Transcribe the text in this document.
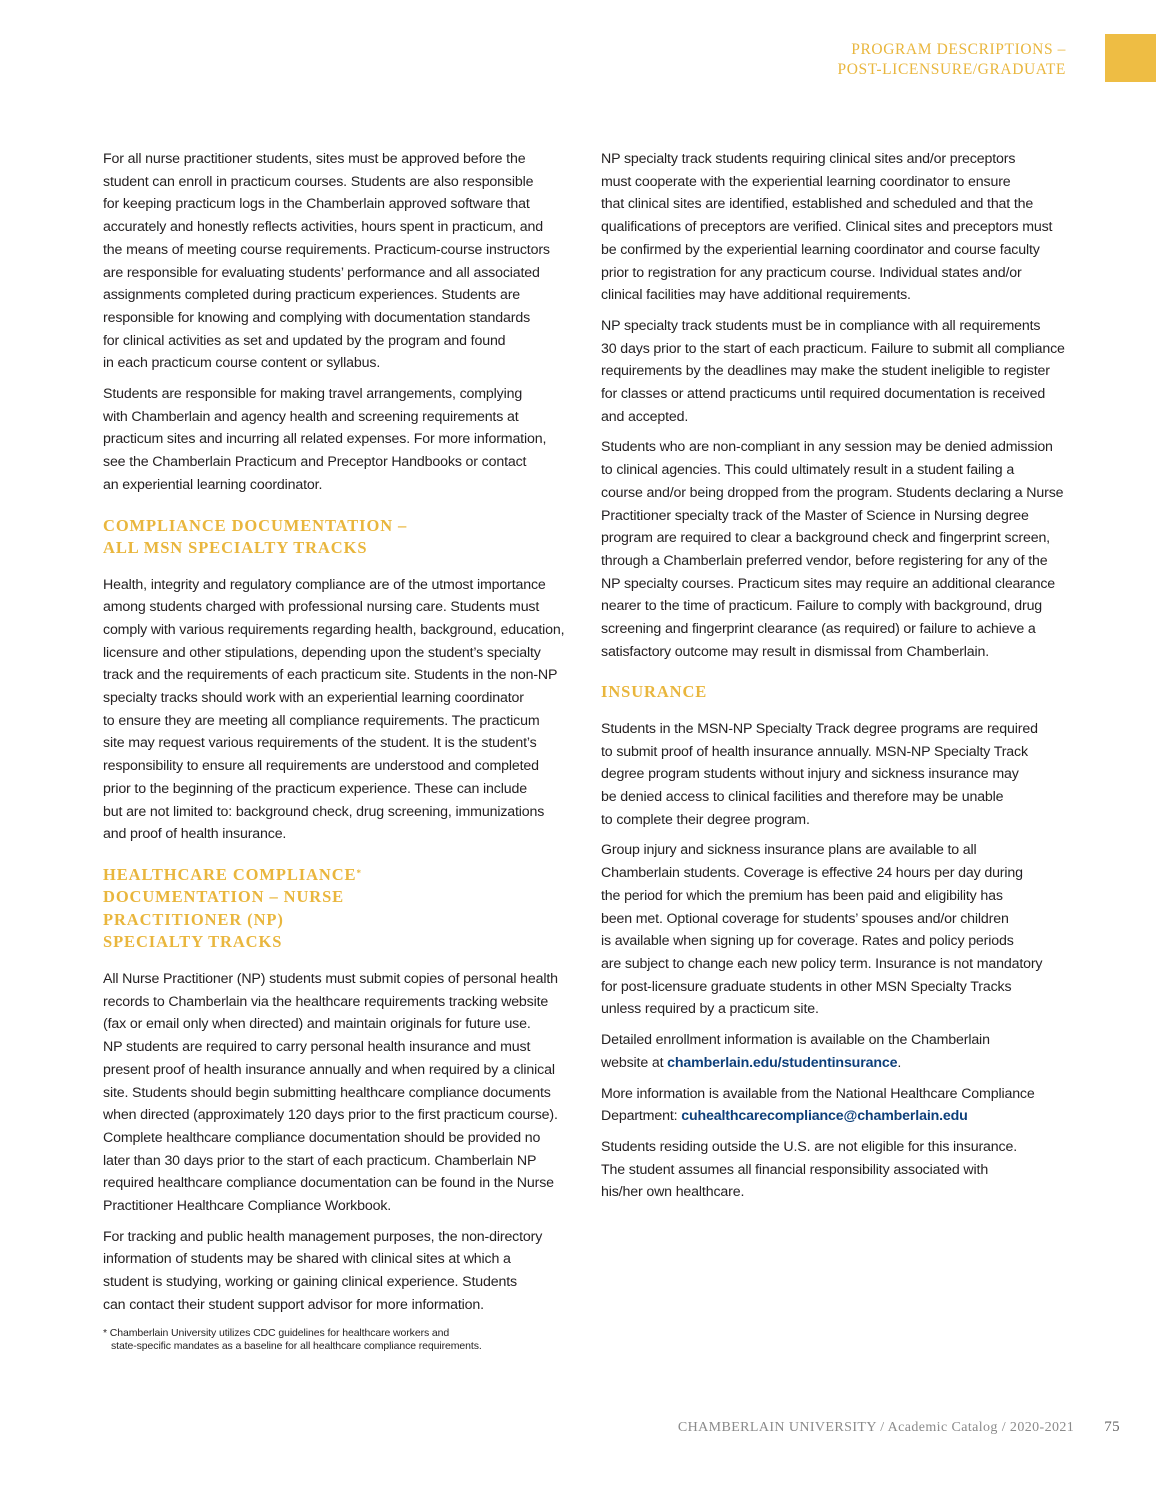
PROGRAM DESCRIPTIONS –
POST-LICENSURE/GRADUATE

For all nurse practitioner students, sites must be approved before the
student can enroll in practicum courses. Students are also responsible
for keeping practicum logs in the Chamberlain approved software that
accurately and honestly reflects activities, hours spent in practicum, and
the means of meeting course requirements. Practicum-course instructors
are responsible for evaluating students’ performance and all associated
assignments completed during practicum experiences. Students are
responsible for knowing and complying with documentation standards
for clinical activities as set and updated by the program and found
in each practicum course content or syllabus.

Students are responsible for making travel arrangements, complying
with Chamberlain and agency health and screening requirements at
practicum sites and incurring all related expenses. For more information,
see the Chamberlain Practicum and Preceptor Handbooks or contact
an experiential learning coordinator.

COMPLIANCE DOCUMENTATION –
ALL MSN SPECIALTY TRACKS

Health, integrity and regulatory compliance are of the utmost importance
among students charged with professional nursing care. Students must
comply with various requirements regarding health, background, education,
licensure and other stipulations, depending upon the student’s specialty
track and the requirements of each practicum site. Students in the non-NP
specialty tracks should work with an experiential learning coordinator
to ensure they are meeting all compliance requirements. The practicum
site may request various requirements of the student. It is the student’s
responsibility to ensure all requirements are understood and completed
prior to the beginning of the practicum experience. These can include
but are not limited to: background check, drug screening, immunizations
and proof of health insurance.

HEALTHCARE COMPLIANCE*
DOCUMENTATION – NURSE
PRACTITIONER (NP)
SPECIALTY TRACKS

All Nurse Practitioner (NP) students must submit copies of personal health
records to Chamberlain via the healthcare requirements tracking website
(fax or email only when directed) and maintain originals for future use.
NP students are required to carry personal health insurance and must
present proof of health insurance annually and when required by a clinical
site. Students should begin submitting healthcare compliance documents
when directed (approximately 120 days prior to the first practicum course).
Complete healthcare compliance documentation should be provided no
later than 30 days prior to the start of each practicum. Chamberlain NP
required healthcare compliance documentation can be found in the Nurse
Practitioner Healthcare Compliance Workbook.

For tracking and public health management purposes, the non-directory
information of students may be shared with clinical sites at which a
student is studying, working or gaining clinical experience. Students
can contact their student support advisor for more information.

* Chamberlain University utilizes CDC guidelines for healthcare workers and
state-specific mandates as a baseline for all healthcare compliance requirements.

NP specialty track students requiring clinical sites and/or preceptors
must cooperate with the experiential learning coordinator to ensure
that clinical sites are identified, established and scheduled and that the
qualifications of preceptors are verified. Clinical sites and preceptors must
be confirmed by the experiential learning coordinator and course faculty
prior to registration for any practicum course. Individual states and/or
clinical facilities may have additional requirements.

NP specialty track students must be in compliance with all requirements
30 days prior to the start of each practicum. Failure to submit all compliance
requirements by the deadlines may make the student ineligible to register
for classes or attend practicums until required documentation is received
and accepted.

Students who are non-compliant in any session may be denied admission
to clinical agencies. This could ultimately result in a student failing a
course and/or being dropped from the program. Students declaring a Nurse
Practitioner specialty track of the Master of Science in Nursing degree
program are required to clear a background check and fingerprint screen,
through a Chamberlain preferred vendor, before registering for any of the
NP specialty courses. Practicum sites may require an additional clearance
nearer to the time of practicum. Failure to comply with background, drug
screening and fingerprint clearance (as required) or failure to achieve a
satisfactory outcome may result in dismissal from Chamberlain.

INSURANCE

Students in the MSN-NP Specialty Track degree programs are required
to submit proof of health insurance annually. MSN-NP Specialty Track
degree program students without injury and sickness insurance may
be denied access to clinical facilities and therefore may be unable
to complete their degree program.

Group injury and sickness insurance plans are available to all
Chamberlain students. Coverage is effective 24 hours per day during
the period for which the premium has been paid and eligibility has
been met. Optional coverage for students’ spouses and/or children
is available when signing up for coverage. Rates and policy periods
are subject to change each new policy term. Insurance is not mandatory
for post-licensure graduate students in other MSN Specialty Tracks
unless required by a practicum site.

Detailed enrollment information is available on the Chamberlain
website at chamberlain.edu/studentinsurance.

More information is available from the National Healthcare Compliance
Department: cuhealthcarecompliance@chamberlain.edu

Students residing outside the U.S. are not eligible for this insurance.
The student assumes all financial responsibility associated with
his/her own healthcare.

CHAMBERLAIN UNIVERSITY / Academic Catalog / 2020-2021 75
